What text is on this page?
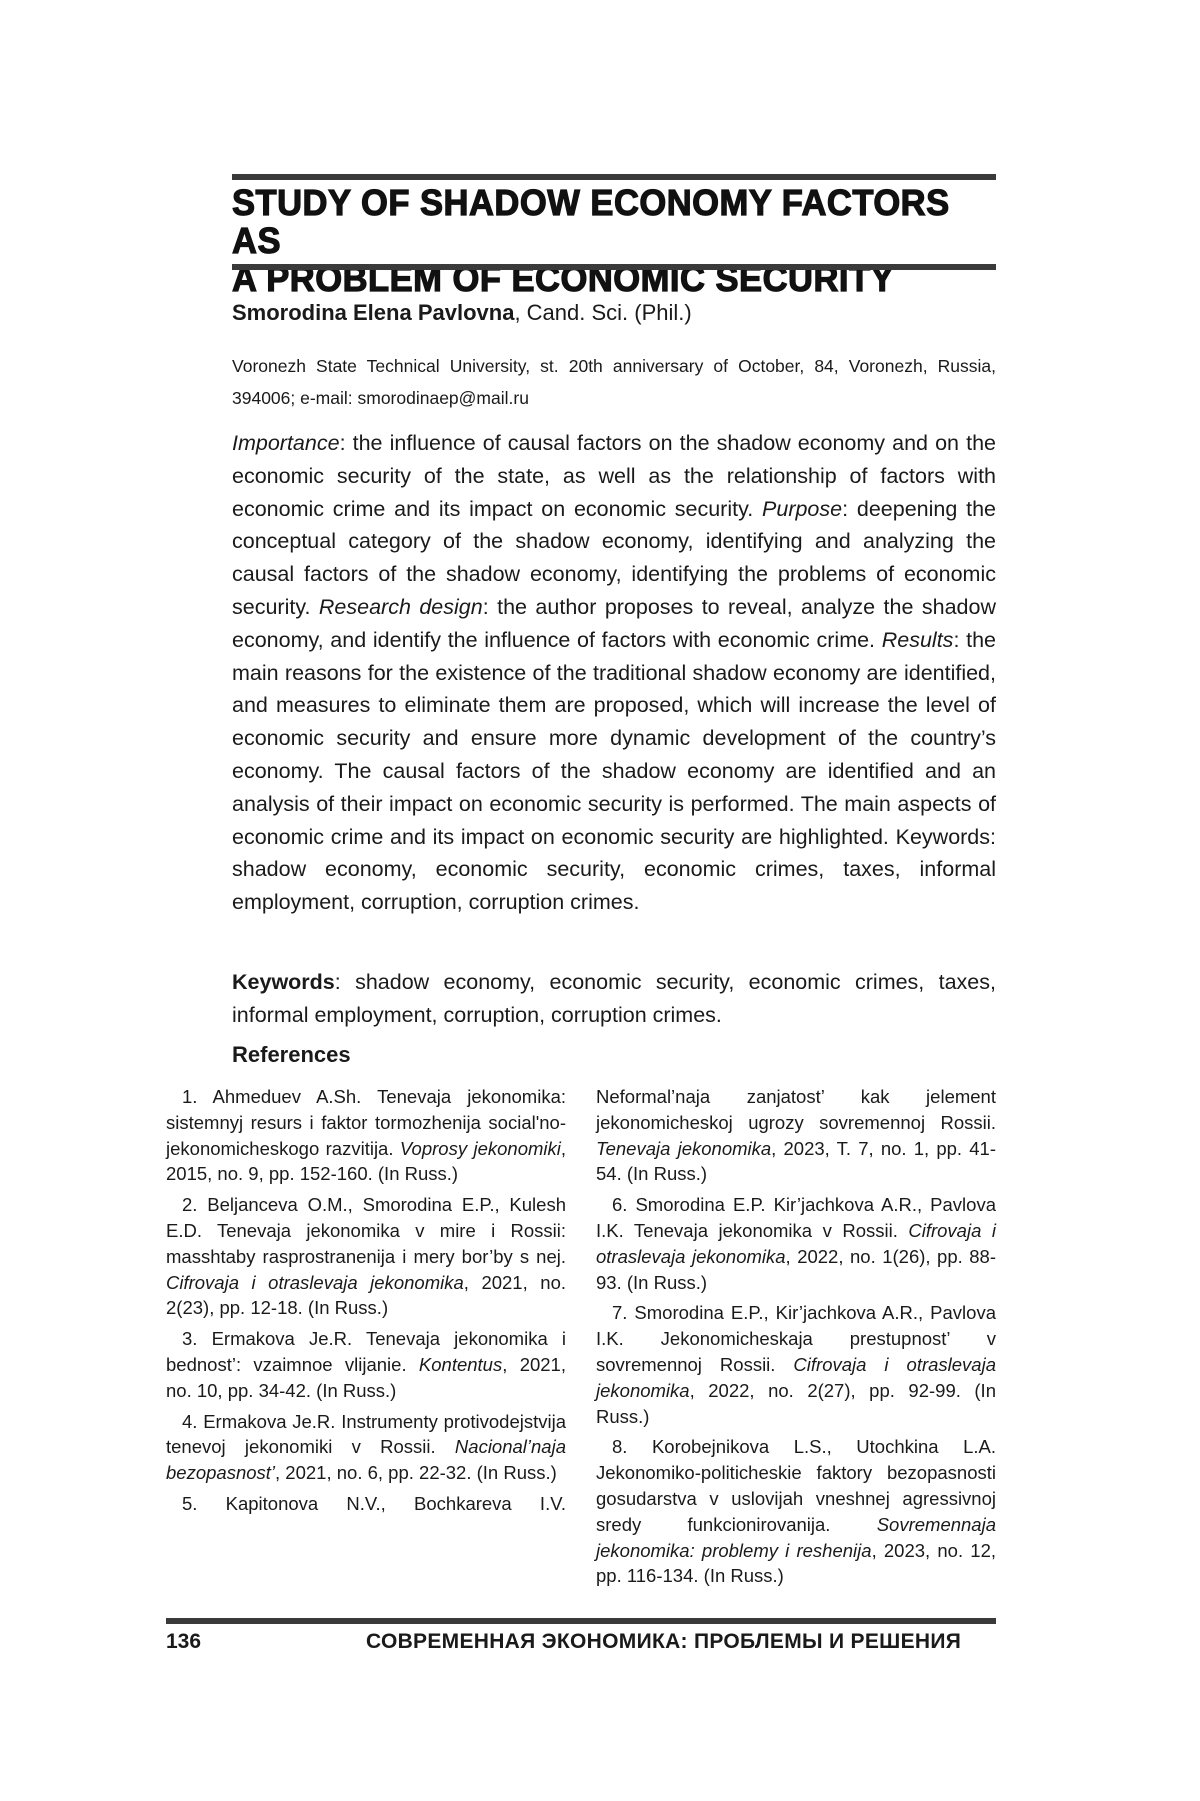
STUDY OF SHADOW ECONOMY FACTORS AS
A PROBLEM OF ECONOMIC SECURITY
Smorodina Elena Pavlovna, Cand. Sci. (Phil.)
Voronezh State Technical University, st. 20th anniversary of October, 84, Voronezh, Russia, 394006; e-mail: smorodinaep@mail.ru
Importance: the influence of causal factors on the shadow economy and on the economic security of the state, as well as the relationship of factors with economic crime and its impact on economic security. Purpose: deepening the conceptual category of the shadow economy, identifying and analyzing the causal factors of the shadow economy, identifying the problems of economic security. Research design: the author proposes to reveal, analyze the shadow economy, and identify the influence of factors with economic crime. Results: the main reasons for the existence of the traditional shadow economy are identified, and measures to eliminate them are proposed, which will increase the level of economic security and ensure more dynamic development of the country’s economy. The causal factors of the shadow economy are identified and an analysis of their impact on economic security is performed. The main aspects of economic crime and its impact on economic security are highlighted. Keywords: shadow economy, economic security, economic crimes, taxes, informal employment, corruption, corruption crimes.
Keywords: shadow economy, economic security, economic crimes, taxes, informal employment, corruption, corruption crimes.
References
1. Ahmeduev A.Sh. Tenevaja jekonomika: sistemnyj resurs i faktor tormozhenija social'no-jekonomicheskogo razvitija. Voprosy jekonomiki, 2015, no. 9, pp. 152-160. (In Russ.)
2. Beljanceva O.M., Smorodina E.P., Kulesh E.D. Tenevaja jekonomika v mire i Rossii: masshtaby rasprostranenija i mery bor’by s nej. Cifrovaja i otraslevaja jekonomika, 2021, no. 2(23), pp. 12-18. (In Russ.)
3. Ermakova Je.R. Tenevaja jekonomika i bednost’: vzaimnoe vlijanie. Kontentus, 2021, no. 10, pp. 34-42. (In Russ.)
4. Ermakova Je.R. Instrumenty protivodejstvija tenevoj jekonomiki v Rossii. Nacional’naja bezopasnost’, 2021, no. 6, pp. 22-32. (In Russ.)
5. Kapitonova N.V., Bochkareva I.V.
Neformal’naja zanjatost’ kak jelement jekonomicheskoj ugrozy sovremennoj Rossii. Tenevaja jekonomika, 2023, T. 7, no. 1, pp. 41-54. (In Russ.)
6. Smorodina E.P. Kir’jachkova A.R., Pavlova I.K. Tenevaja jekonomika v Rossii. Cifrovaja i otraslevaja jekonomika, 2022, no. 1(26), pp. 88-93. (In Russ.)
7. Smorodina E.P., Kir’jachkova A.R., Pavlova I.K. Jekonomicheskaja prestupnost’ v sovremennoj Rossii. Cifrovaja i otraslevaja jekonomika, 2022, no. 2(27), pp. 92-99. (In Russ.)
8. Korobejnikova L.S., Utochkina L.A. Jekonomiko-politicheskie faktory bezopasnosti gosudarstva v uslovijah vneshnej agressivnoj sredy funkcionirovanija. Sovremennaja jekonomika: problemy i reshenija, 2023, no. 12, pp. 116-134. (In Russ.)
136	СОВРЕМЕННАЯ ЭКОНОМИКА: ПРОБЛЕМЫ И РЕШЕНИЯ
